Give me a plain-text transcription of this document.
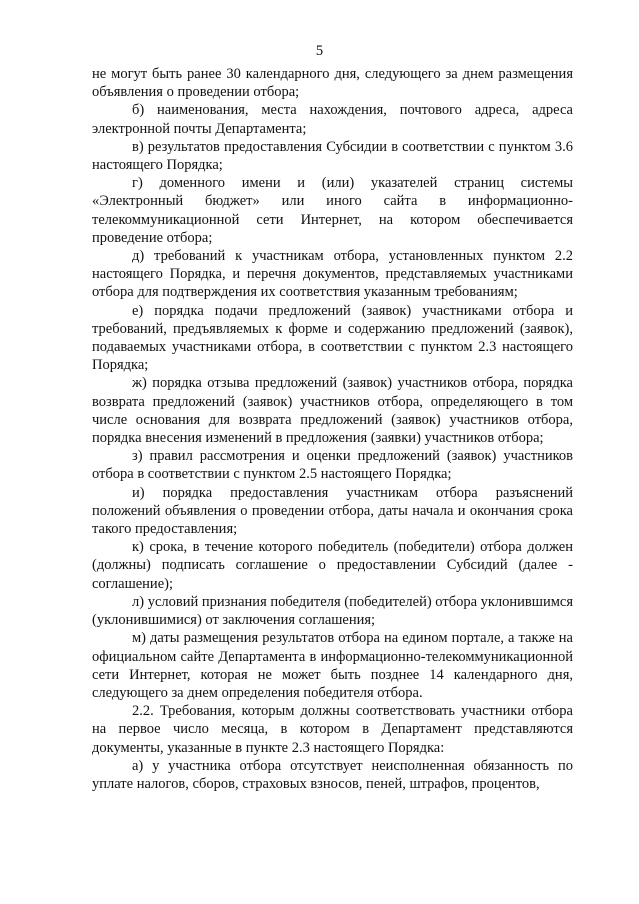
5

не могут быть ранее 30 календарного дня, следующего за днем размещения объявления о проведении отбора;

б) наименования, места нахождения, почтового адреса, адреса электронной почты Департамента;

в) результатов предоставления Субсидии в соответствии с пунктом 3.6 настоящего Порядка;

г) доменного имени и (или) указателей страниц системы «Электронный бюджет» или иного сайта в информационно-телекоммуникационной сети Интернет, на котором обеспечивается проведение отбора;

д) требований к участникам отбора, установленных пунктом 2.2 настоящего Порядка, и перечня документов, представляемых участниками отбора для подтверждения их соответствия указанным требованиям;

е) порядка подачи предложений (заявок) участниками отбора и требований, предъявляемых к форме и содержанию предложений (заявок), подаваемых участниками отбора, в соответствии с пунктом 2.3 настоящего Порядка;

ж) порядка отзыва предложений (заявок) участников отбора, порядка возврата предложений (заявок) участников отбора, определяющего в том числе основания для возврата предложений (заявок) участников отбора, порядка внесения изменений в предложения (заявки) участников отбора;

з) правил рассмотрения и оценки предложений (заявок) участников отбора в соответствии с пунктом 2.5 настоящего Порядка;

и) порядка предоставления участникам отбора разъяснений положений объявления о проведении отбора, даты начала и окончания срока такого предоставления;

к) срока, в течение которого победитель (победители) отбора должен (должны) подписать соглашение о предоставлении Субсидий (далее - соглашение);

л) условий признания победителя (победителей) отбора уклонившимся (уклонившимися) от заключения соглашения;

м) даты размещения результатов отбора на едином портале, а также на официальном сайте Департамента в информационно-телекоммуникационной сети Интернет, которая не может быть позднее 14 календарного дня, следующего за днем определения победителя отбора.

2.2. Требования, которым должны соответствовать участники отбора на первое число месяца, в котором в Департамент представляются документы, указанные в пункте 2.3 настоящего Порядка:

а) у участника отбора отсутствует неисполненная обязанность по уплате налогов, сборов, страховых взносов, пеней, штрафов, процентов,
